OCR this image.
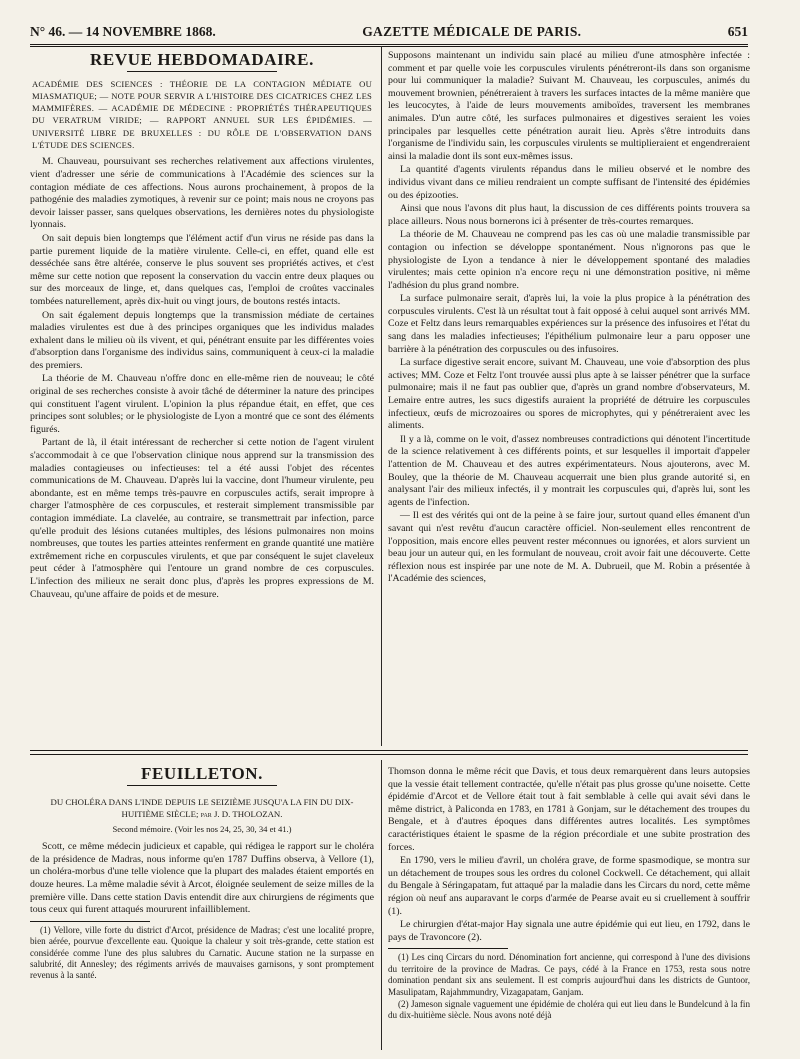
N° 46. — 14 NOVEMBRE 1868.	GAZETTE MÉDICALE DE PARIS.	651
REVUE HEBDOMADAIRE.
ACADÉMIE DES SCIENCES : THÉORIE DE LA CONTAGION MÉDIATE OU MIASMATIQUE; — NOTE POUR SERVIR A L'HISTOIRE DES CICATRICES CHEZ LES MAMMIFÈRES. — ACADÉMIE DE MÉDECINE : PROPRIÉTÉS THÉRAPEUTIQUES DU VERATRUM VIRIDE; — RAPPORT ANNUEL SUR LES ÉPIDÉMIES. — UNIVERSITÉ LIBRE DE BRUXELLES : DU RÔLE DE L'OBSERVATION DANS L'ÉTUDE DES SCIENCES.

M. Chauveau, poursuivant ses recherches relativement aux affections virulentes, vient d'adresser une série de communications à l'Académie des sciences sur la contagion médiate de ces affections. Nous aurons prochainement, à propos de la pathogénie des maladies zymotiques, à revenir sur ce point; mais nous ne croyons pas devoir laisser passer, sans quelques observations, les dernières notes du physiologiste lyonnais.

On sait depuis bien longtemps que l'élément actif d'un virus ne réside pas dans la partie purement liquide de la matière virulente. Celle-ci, en effet, quand elle est desséchée sans être altérée, conserve le plus souvent ses propriétés actives, et c'est même sur cette notion que reposent la conservation du vaccin entre deux plaques ou sur des morceaux de linge, et, dans quelques cas, l'emploi de croûtes vaccinales tombées naturellement, après dix-huit ou vingt jours, de boutons restés intacts.

On sait également depuis longtemps que la transmission médiate de certaines maladies virulentes est due à des principes organiques que les individus malades exhalent dans le milieu où ils vivent, et qui, pénétrant ensuite par les différentes voies d'absorption dans l'organisme des individus sains, communiquent à ceux-ci la maladie des premiers.

La théorie de M. Chauveau n'offre donc en elle-même rien de nouveau; le côté original de ses recherches consiste à avoir tâché de déterminer la nature des principes qui constituent l'agent virulent. L'opinion la plus répandue était, en effet, que ces principes sont solubles; or le physiologiste de Lyon a montré que ce sont des éléments figurés.

Partant de là, il était intéressant de rechercher si cette notion de l'agent virulent s'accommodait à ce que l'observation clinique nous apprend sur la transmission des maladies contagieuses ou infectieuses: tel a été aussi l'objet des récentes communications de M. Chauveau. D'après lui la vaccine, dont l'humeur virulente, peu abondante, est en même temps très-pauvre en corpuscules actifs, serait impropre à charger l'atmosphère de ces corpuscules, et resterait simplement transmissible par contagion immédiate. La clavelée, au contraire, se transmettrait par infection, parce qu'elle produit des lésions cutanées multiples, des lésions pulmonaires non moins nombreuses, que toutes les parties atteintes renferment en grande quantité une matière extrêmement riche en corpuscules virulents, et que par conséquent le sujet claveleux peut céder à l'atmosphère qui l'entoure un grand nombre de ces corpuscules. L'infection des milieux ne serait donc plus, d'après les propres expressions de M. Chauveau, qu'une affaire de poids et de mesure.

Supposons maintenant un individu sain placé au milieu d'une atmosphère infectée : comment et par quelle voie les corpuscules virulents pénétreront-ils dans son organisme pour lui communiquer la maladie? Suivant M. Chauveau, les corpuscules, animés du mouvement brownien, pénétreraient à travers les surfaces intactes de la même manière que les leucocytes, à l'aide de leurs mouvements amiboïdes, traversent les membranes animales. D'un autre côté, les surfaces pulmonaires et digestives seraient les voies principales par lesquelles cette pénétration aurait lieu. Après s'être introduits dans l'organisme de l'individu sain, les corpuscules virulents se multiplieraient et engendreraient ainsi la maladie dont ils sont eux-mêmes issus.

La quantité d'agents virulents répandus dans le milieu observé et le nombre des individus vivant dans ce milieu rendraient un compte suffisant de l'intensité des épidémies ou des épizooties.

Ainsi que nous l'avons dit plus haut, la discussion de ces différents points trouvera sa place ailleurs. Nous nous bornerons ici à présenter de très-courtes remarques.

La théorie de M. Chauveau ne comprend pas les cas où une maladie transmissible par contagion ou infection se développe spontanément. Nous n'ignorons pas que le physiologiste de Lyon a tendance à nier le développement spontané des maladies virulentes; mais cette opinion n'a encore reçu ni une démonstration positive, ni même l'adhésion du plus grand nombre.

La surface pulmonaire serait, d'après lui, la voie la plus propice à la pénétration des corpuscules virulents. C'est là un résultat tout à fait opposé à celui auquel sont arrivés MM. Coze et Feltz dans leurs remarquables expériences sur la présence des infusoires et l'état du sang dans les maladies infectieuses; l'épithélium pulmonaire leur a paru opposer une barrière à la pénétration des corpuscules ou des infusoires.

La surface digestive serait encore, suivant M. Chauveau, une voie d'absorption des plus actives; MM. Coze et Feltz l'ont trouvée aussi plus apte à se laisser pénétrer que la surface pulmonaire; mais il ne faut pas oublier que, d'après un grand nombre d'observateurs, M. Lemaire entre autres, les sucs digestifs auraient la propriété de détruire les corpuscules infectieux, œufs de microzoaires ou spores de microphytes, qui y pénétreraient avec les aliments.

Il y a là, comme on le voit, d'assez nombreuses contradictions qui dénotent l'incertitude de la science relativement à ces différents points, et sur lesquelles il importait d'appeler l'attention de M. Chauveau et des autres expérimentateurs. Nous ajouterons, avec M. Bouley, que la théorie de M. Chauveau acquerrait une bien plus grande autorité si, en analysant l'air des milieux infectés, il y montrait les corpuscules qui, d'après lui, sont les agents de l'infection.

— Il est des vérités qui ont de la peine à se faire jour, surtout quand elles émanent d'un savant qui n'est revêtu d'aucun caractère officiel. Non-seulement elles rencontrent de l'opposition, mais encore elles peuvent rester méconnues ou ignorées, et alors survient un beau jour un auteur qui, en les formulant de nouveau, croit avoir fait une découverte. Cette réflexion nous est inspirée par une note de M. A. Dubrueil, que M. Robin a présentée à l'Académie des sciences,

FEUILLETON.
DU CHOLÉRA DANS L'INDE DEPUIS LE SEIZIÈME JUSQU'A LA FIN DU DIX-HUITIÈME SIÈCLE; par J. D. THOLOZAN.
Second mémoire. (Voir les nos 24, 25, 30, 34 et 41.)

Scott, ce même médecin judicieux et capable, qui rédigea le rapport sur le choléra de la présidence de Madras, nous informe qu'en 1787 Duffins observa, à Vellore (1), un choléra-morbus d'une telle violence que la plupart des malades étaient emportés en douze heures. La même maladie sévit à Arcot, éloignée seulement de seize milles de la première ville. Dans cette station Davis entendit dire aux chirurgiens de régiments que tous ceux qui furent attaqués moururent infailliblement.

(1) Vellore, ville forte du district d'Arcot, présidence de Madras; c'est une localité propre, bien aérée, pourvue d'excellente eau. Quoique la chaleur y soit très-grande, cette station est considérée comme l'une des plus salubres du Carnatic. Aucune station ne la surpasse en salubrité, dit Annesley; des régiments arrivés de mauvaises garnisons, y sont promptement revenus à la santé.

Thomson donna le même récit que Davis, et tous deux remarquèrent dans leurs autopsies que la vessie était tellement contractée, qu'elle n'était pas plus grosse qu'une noisette. Cette épidémie d'Arcot et de Vellore était tout à fait semblable à celle qui avait sévi dans le même district, à Paliconda en 1783, en 1781 à Gonjam, sur le détachement des troupes du Bengale, et à d'autres époques dans différentes autres localités. Les symptômes caractéristiques étaient le spasme de la région précordiale et une subite prostration des forces.

En 1790, vers le milieu d'avril, un choléra grave, de forme spasmodique, se montra sur un détachement de troupes sous les ordres du colonel Cockwell. Ce détachement, qui allait du Bengale à Séringapatam, fut attaqué par la maladie dans les Circars du nord, cette même région où neuf ans auparavant le corps d'armée de Pearse avait eu si cruellement à souffrir (1).

Le chirurgien d'état-major Hay signala une autre épidémie qui eut lieu, en 1792, dans le pays de Travoncore (2).

(1) Les cinq Circars du nord. Dénomination fort ancienne, qui correspond à l'une des divisions du territoire de la province de Madras. Ce pays, cédé à la France en 1753, resta sous notre domination pendant six ans seulement. Il est compris aujourd'hui dans les districts de Guntoor, Masulipatam, Rajahmmundry, Vizagapatam, Ganjam.

(2) Jameson signale vaguement une épidémie de choléra qui eut lieu dans le Bundelcund à la fin du dix-huitième siècle. Nous avons noté déjà
